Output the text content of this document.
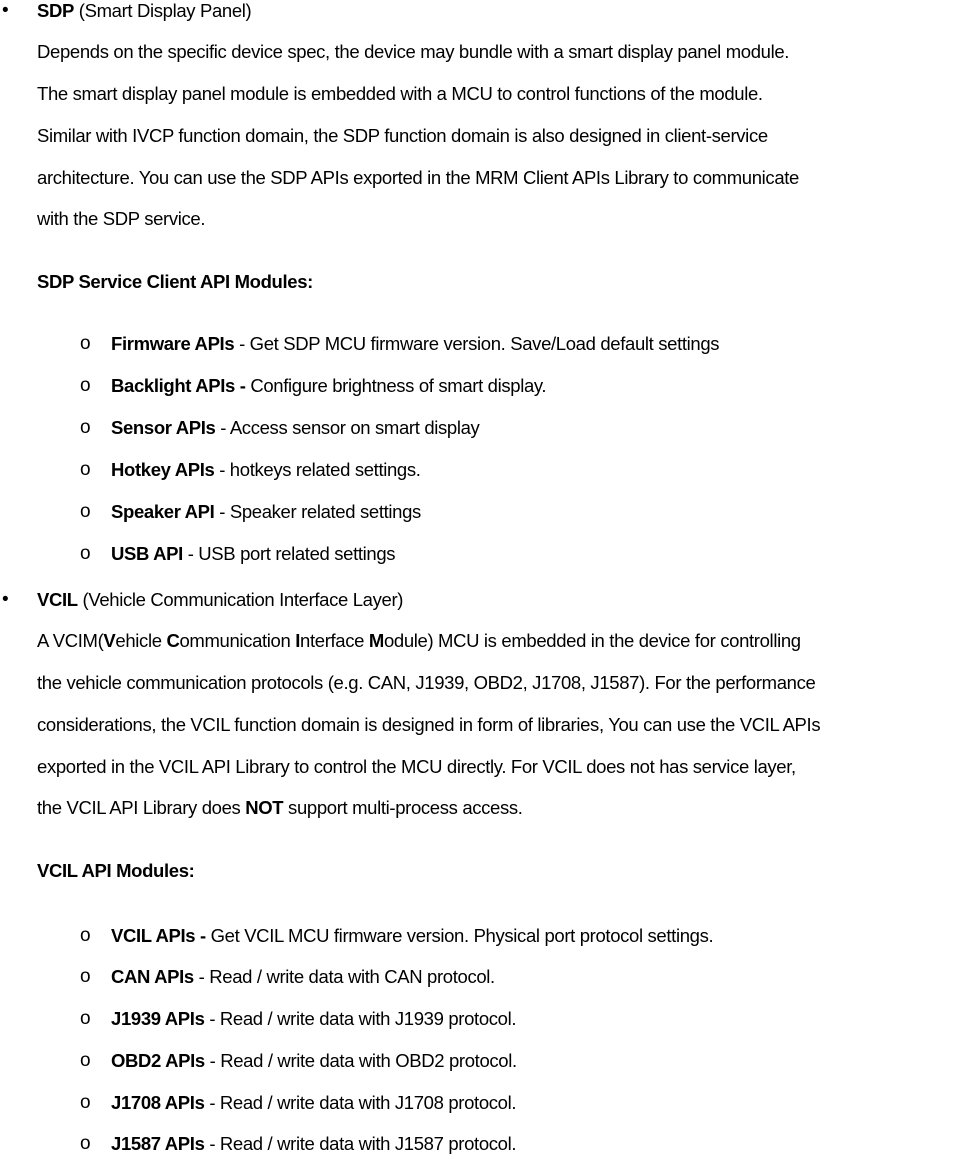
• SDP (Smart Display Panel)

Depends on the specific device spec, the device may bundle with a smart display panel module.

The smart display panel module is embedded with a MCU to control functions of the module.

Similar with IVCP function domain, the SDP function domain is also designed in client-service

architecture. You can use the SDP APIs exported in the MRM Client APIs Library to communicate

with the SDP service.

SDP Service Client API Modules:

o Firmware APIs - Get SDP MCU firmware version. Save/Load default settings

o Backlight APIs - Configure brightness of smart display.

o Sensor APIs - Access sensor on smart display

o Hotkey APIs - hotkeys related settings.

o Speaker API - Speaker related settings

o USB API - USB port related settings

• VCIL (Vehicle Communication Interface Layer)

A VCIM(Vehicle Communication Interface Module) MCU is embedded in the device for controlling

the vehicle communication protocols (e.g. CAN, J1939, OBD2, J1708, J1587). For the performance

considerations, the VCIL function domain is designed in form of libraries, You can use the VCIL APIs

exported in the VCIL API Library to control the MCU directly. For VCIL does not has service layer,

the VCIL API Library does NOT support multi-process access.

VCIL API Modules:

o VCIL APIs - Get VCIL MCU firmware version. Physical port protocol settings.

o CAN APIs - Read / write data with CAN protocol.

o J1939 APIs - Read / write data with J1939 protocol.

o OBD2 APIs - Read / write data with OBD2 protocol.

o J1708 APIs - Read / write data with J1708 protocol.

o J1587 APIs - Read / write data with J1587 protocol.
